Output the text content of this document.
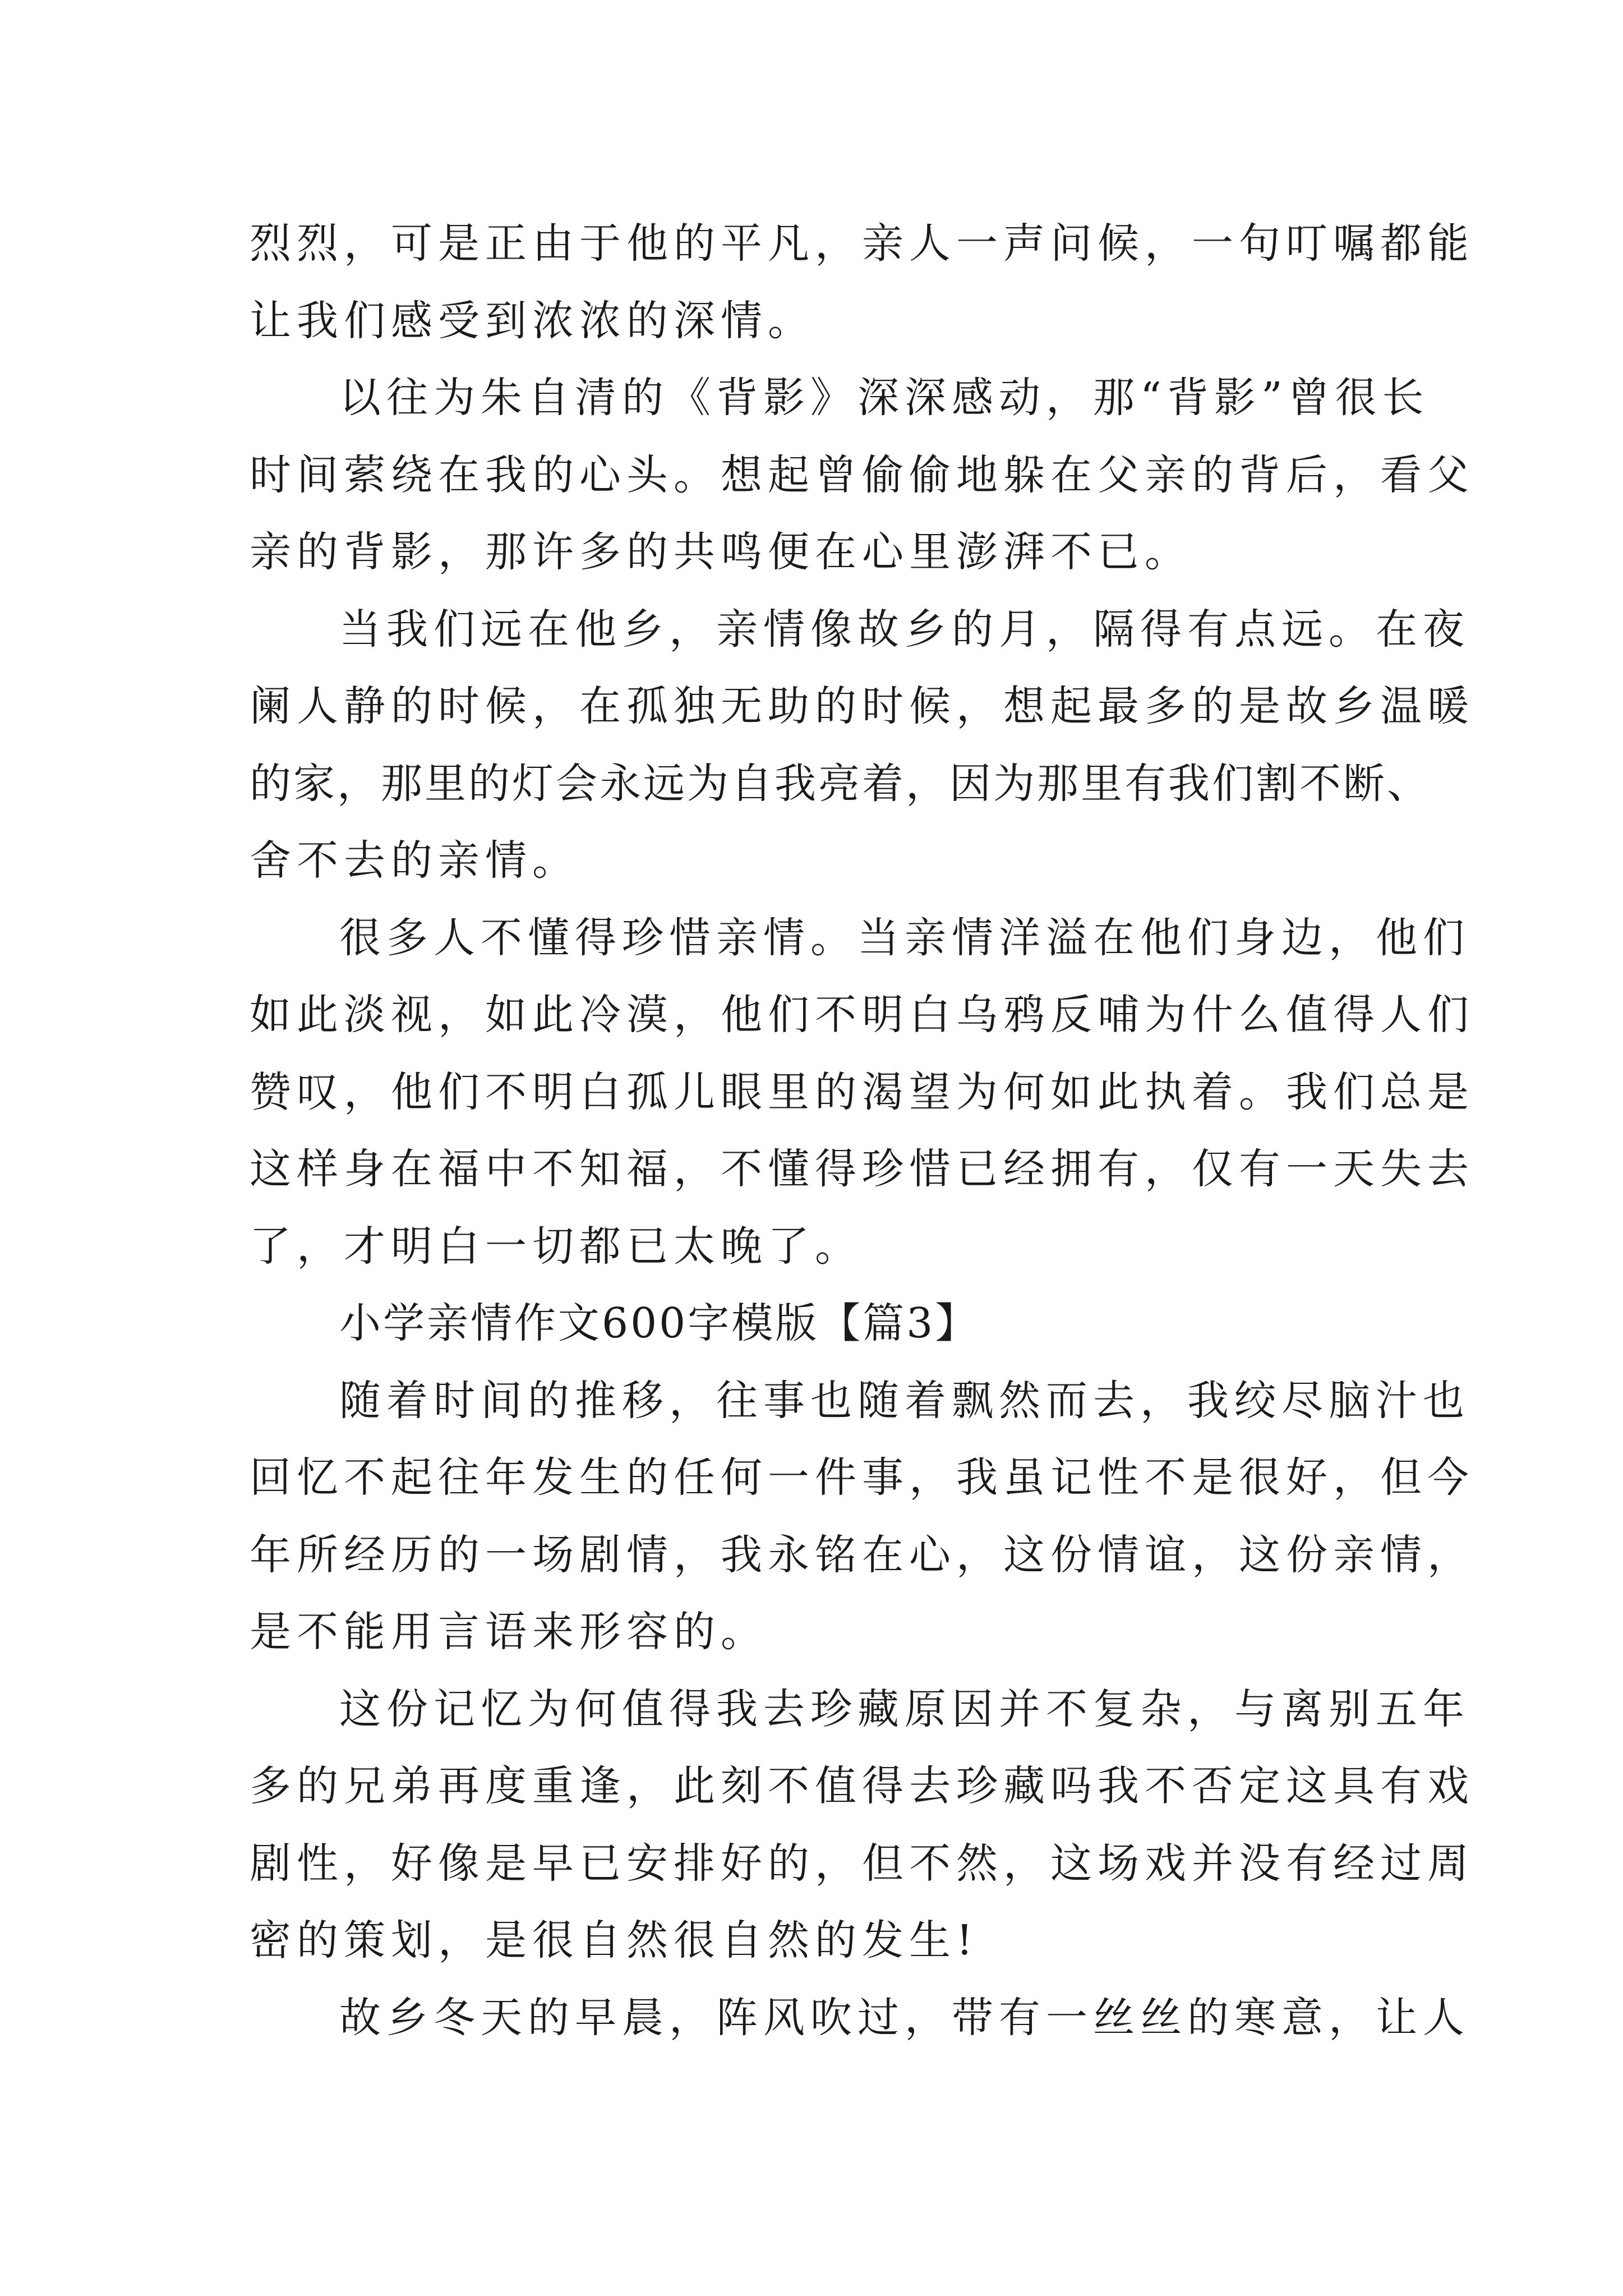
烈烈，可是正由于他的平凡，亲人一声问候，一句叮嘱都能
让我们感受到浓浓的深情。
以往为朱自清的《背影》深深感动，那“背影”曾很长
时间萦绕在我的心头。想起曾偷偷地躲在父亲的背后，看父
亲的背影，那许多的共鸣便在心里澎湃不已。
当我们远在他乡，亲情像故乡的月，隔得有点远。在夜
阑人静的时候，在孤独无助的时候，想起最多的是故乡温暖
的家，那里的灯会永远为自我亮着，因为那里有我们割不断、
舍不去的亲情。
很多人不懂得珍惜亲情。当亲情洋溢在他们身边，他们
如此淡视，如此冷漠，他们不明白乌鸦反哺为什么值得人们
赞叹，他们不明白孤儿眼里的渴望为何如此执着。我们总是
这样身在福中不知福，不懂得珍惜已经拥有，仅有一天失去
了，才明白一切都已太晚了。
小学亲情作文600字模版【篇3】
随着时间的推移，往事也随着飘然而去，我绞尽脑汁也
回忆不起往年发生的任何一件事，我虽记性不是很好，但今
年所经历的一场剧情，我永铭在心，这份情谊，这份亲情，
是不能用言语来形容的。
这份记忆为何值得我去珍藏原因并不复杂，与离别五年
多的兄弟再度重逢，此刻不值得去珍藏吗我不否定这具有戏
剧性，好像是早已安排好的，但不然，这场戏并没有经过周
密的策划，是很自然很自然的发生!
故乡冬天的早晨，阵风吹过，带有一丝丝的寒意，让人
